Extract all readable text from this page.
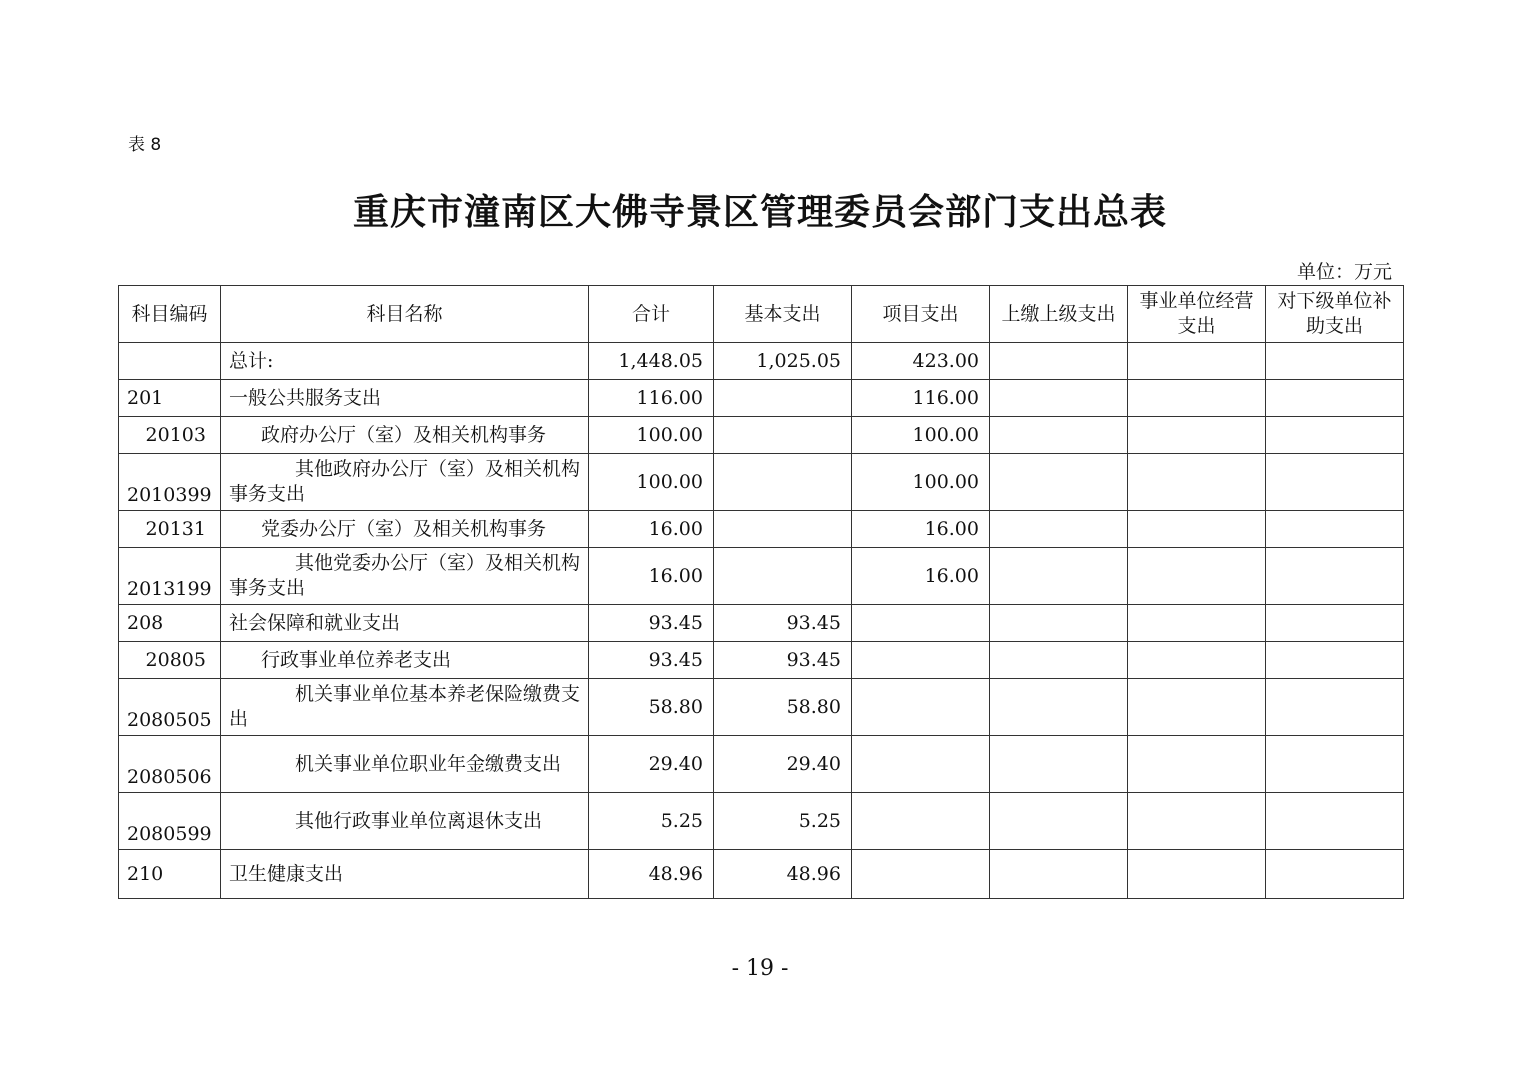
表 8
重庆市潼南区大佛寺景区管理委员会部门支出总表
单位：万元
科目编码	科目名称	合计	基本支出	项目支出	上缴上级支出	事业单位经营支出	对下级单位补助支出
	总计:	1,448.05	1,025.05	423.00			
201	一般公共服务支出	116.00		116.00			
20103	政府办公厅（室）及相关机构事务	100.00		100.00			
2010399	其他政府办公厅（室）及相关机构事务支出	100.00		100.00			
20131	党委办公厅（室）及相关机构事务	16.00		16.00			
2013199	其他党委办公厅（室）及相关机构事务支出	16.00		16.00			
208	社会保障和就业支出	93.45	93.45				
20805	行政事业单位养老支出	93.45	93.45				
2080505	机关事业单位基本养老保险缴费支出	58.80	58.80				
2080506	机关事业单位职业年金缴费支出	29.40	29.40				
2080599	其他行政事业单位离退休支出	5.25	5.25				
210	卫生健康支出	48.96	48.96				
- 19 -
